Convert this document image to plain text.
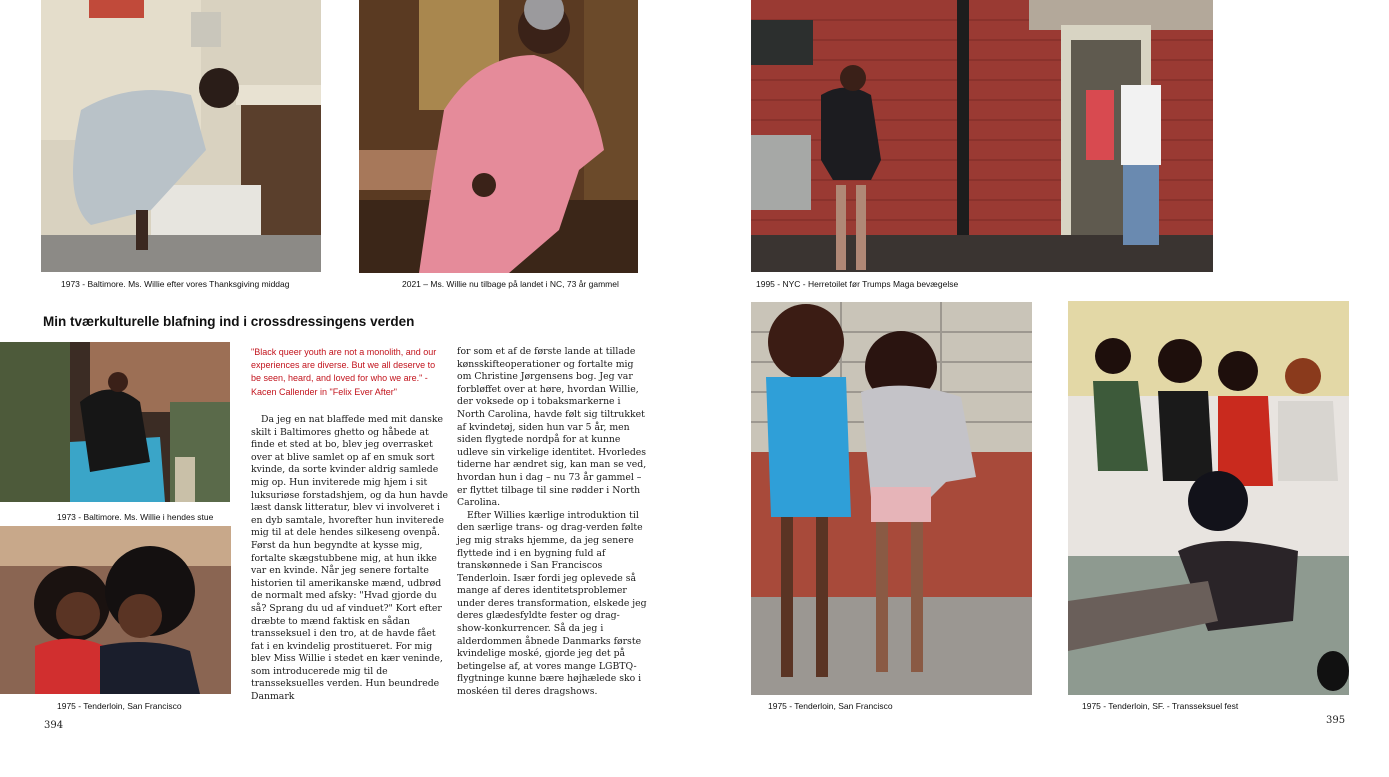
1973 - Baltimore. Ms. Willie efter vores Thanksgiving middag	2021 – Ms. Willie nu tilbage på landet i NC, 73 år gammel	1995 - NYC - Herretoilet før Trumps Maga bevægelse
Min tværkulturelle blafning ind i crossdressingens verden
1973 - Baltimore. Ms. Willie i hendes stue
1975 - Tenderloin, San Francisco

"Black queer youth are not a monolith, and our experiences are diverse. But we all deserve to be seen, heard, and loved for who we are." - Kacen Callender in "Felix Ever After"

Da jeg en nat blaffede med mit danske skilt i Baltimores ghetto og håbede at finde et sted at bo, blev jeg overrasket over at blive samlet op af en smuk sort kvinde, da sorte kvinder aldrig samlede mig op. Hun inviterede mig hjem i sit luksuriøse forstadshjem, og da hun havde læst dansk litteratur, blev vi involveret i en dyb samtale, hvorefter hun inviterede mig til at dele hendes silkeseng ovenpå. Først da hun begyndte at kysse mig, fortalte skægstubbene mig, at hun ikke var en kvinde. Når jeg senere fortalte historien til amerikanske mænd, udbrød de normalt med afsky: "Hvad gjorde du så? Sprang du ud af vinduet?" Kort efter dræbte to mænd faktisk en sådan transseksuel i den tro, at de havde fået fat i en kvindelig prostitueret. For mig blev Miss Willie i stedet en kær veninde, som introducerede mig til de transseksuelles verden. Hun beundrede Danmark

for som et af de første lande at tillade kønsskifteoperationer og fortalte mig om Christine Jørgensens bog. Jeg var forbløffet over at høre, hvordan Willie, der voksede op i tobaksmarkerne i North Carolina, havde følt sig tiltrukket af kvindetøj, siden hun var 5 år, men siden flygtede nordpå for at kunne udleve sin virkelige identitet. Hvorledes tiderne har ændret sig, kan man se ved, hvordan hun i dag – nu 73 år gammel – er flyttet tilbage til sine rødder i North Carolina.

Efter Willies kærlige introduktion til den særlige trans- og drag-verden følte jeg mig straks hjemme, da jeg senere flyttede ind i en bygning fuld af transkønnede i San Franciscos Tenderloin. Især fordi jeg oplevede så mange af deres identitetsproblemer under deres transformation, elskede jeg deres glædesfyldte fester og drag-show-konkurrencer. Så da jeg i alderdommen åbnede Danmarks første kvindelige moské, gjorde jeg det på betingelse af, at vores mange LGBTQ-flygtninge kunne bære højhælede sko i moskéen til deres dragshows.

1975 - Tenderloin, San Francisco	1975 - Tenderloin, SF. - Transseksuel fest
394	395
